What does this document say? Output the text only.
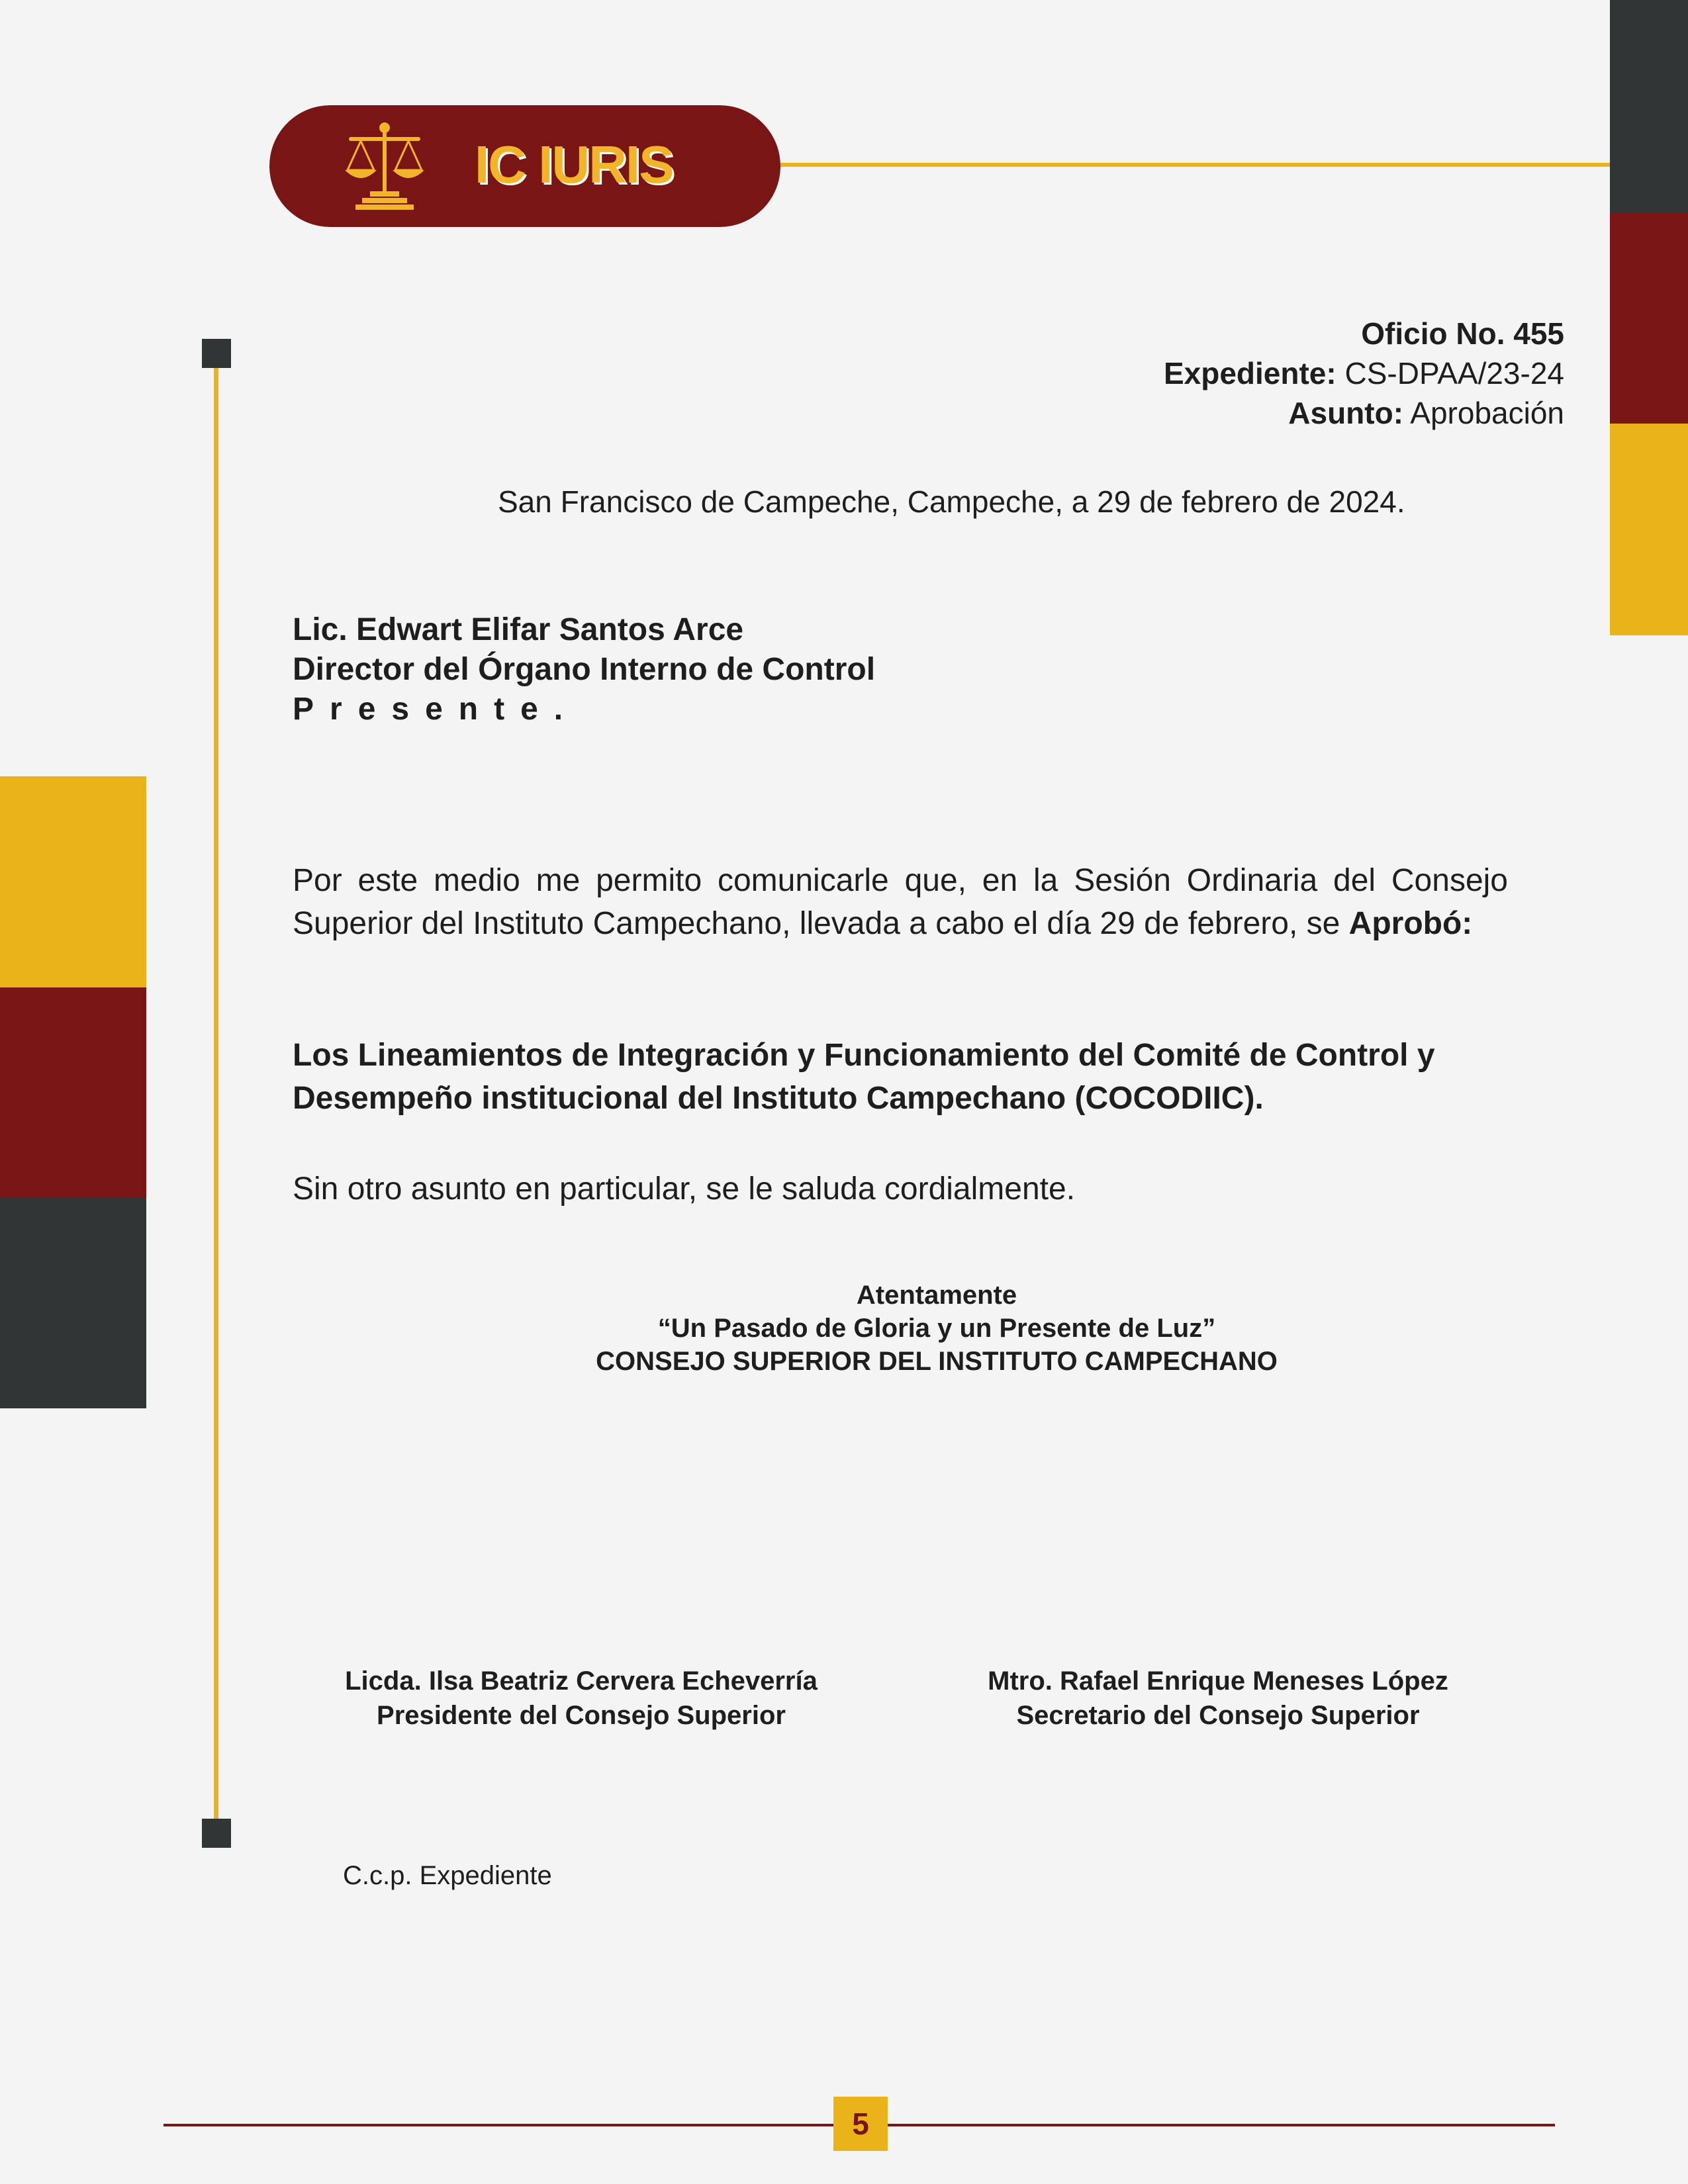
IC IURIS
Oficio No. 455
Expediente: CS-DPAA/23-24
Asunto: Aprobación
San Francisco de Campeche, Campeche, a 29 de febrero de 2024.
Lic. Edwart Elifar Santos Arce
Director del Órgano Interno de Control
Presente.
Por este medio me permito comunicarle que, en la Sesión Ordinaria del Consejo Superior del Instituto Campechano, llevada a cabo el día 29 de febrero, se Aprobó:
Los Lineamientos de Integración y Funcionamiento del Comité de Control y Desempeño institucional del Instituto Campechano (COCODIIC).
Sin otro asunto en particular, se le saluda cordialmente.
Atentamente
“Un Pasado de Gloria y un Presente de Luz”
CONSEJO SUPERIOR DEL INSTITUTO CAMPECHANO
Licda. Ilsa Beatriz Cervera Echeverría
Presidente del Consejo Superior
Mtro. Rafael Enrique Meneses López
Secretario del Consejo Superior
C.c.p. Expediente
5
